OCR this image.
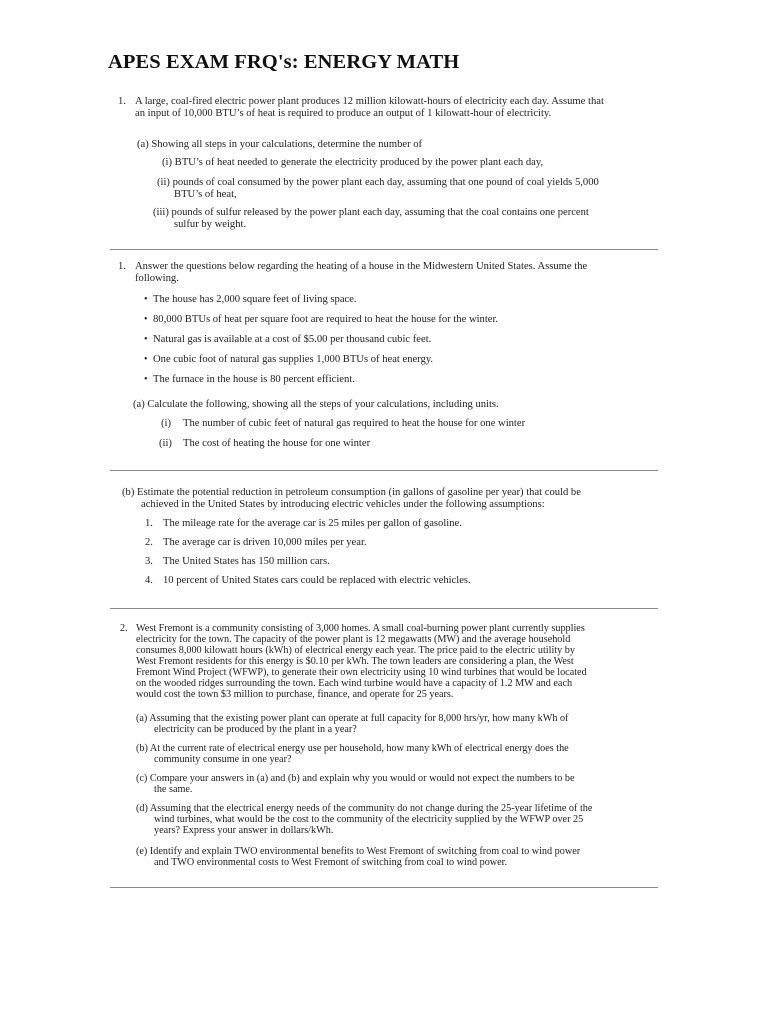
APES EXAM FRQ's: ENERGY MATH
1. A large, coal-fired electric power plant produces 12 million kilowatt-hours of electricity each day. Assume that
an input of 10,000 BTU’s of heat is required to produce an output of 1 kilowatt-hour of electricity.
(a) Showing all steps in your calculations, determine the number of
(i) BTU’s of heat needed to generate the electricity produced by the power plant each day,
(ii) pounds of coal consumed by the power plant each day, assuming that one pound of coal yields 5,000
BTU’s of heat,
(iii) pounds of sulfur released by the power plant each day, assuming that the coal contains one percent
sulfur by weight.
1. Answer the questions below regarding the heating of a house in the Midwestern United States. Assume the
following.
• The house has 2,000 square feet of living space.
• 80,000 BTUs of heat per square foot are required to heat the house for the winter.
• Natural gas is available at a cost of $5.00 per thousand cubic feet.
• One cubic foot of natural gas supplies 1,000 BTUs of heat energy.
• The furnace in the house is 80 percent efficient.
(a) Calculate the following, showing all the steps of your calculations, including units.
(i) The number of cubic feet of natural gas required to heat the house for one winter
(ii) The cost of heating the house for one winter
(b) Estimate the potential reduction in petroleum consumption (in gallons of gasoline per year) that could be
achieved in the United States by introducing electric vehicles under the following assumptions:
1. The mileage rate for the average car is 25 miles per gallon of gasoline.
2. The average car is driven 10,000 miles per year.
3. The United States has 150 million cars.
4. 10 percent of United States cars could be replaced with electric vehicles.
2. West Fremont is a community consisting of 3,000 homes. A small coal-burning power plant currently supplies
electricity for the town. The capacity of the power plant is 12 megawatts (MW) and the average household
consumes 8,000 kilowatt hours (kWh) of electrical energy each year. The price paid to the electric utility by
West Fremont residents for this energy is $0.10 per kWh. The town leaders are considering a plan, the West
Fremont Wind Project (WFWP), to generate their own electricity using 10 wind turbines that would be located
on the wooded ridges surrounding the town. Each wind turbine would have a capacity of 1.2 MW and each
would cost the town $3 million to purchase, finance, and operate for 25 years.
(a) Assuming that the existing power plant can operate at full capacity for 8,000 hrs/yr, how many kWh of
electricity can be produced by the plant in a year?
(b) At the current rate of electrical energy use per household, how many kWh of electrical energy does the
community consume in one year?
(c) Compare your answers in (a) and (b) and explain why you would or would not expect the numbers to be
the same.
(d) Assuming that the electrical energy needs of the community do not change during the 25-year lifetime of the
wind turbines, what would be the cost to the community of the electricity supplied by the WFWP over 25
years? Express your answer in dollars/kWh.
(e) Identify and explain TWO environmental benefits to West Fremont of switching from coal to wind power
and TWO environmental costs to West Fremont of switching from coal to wind power.
